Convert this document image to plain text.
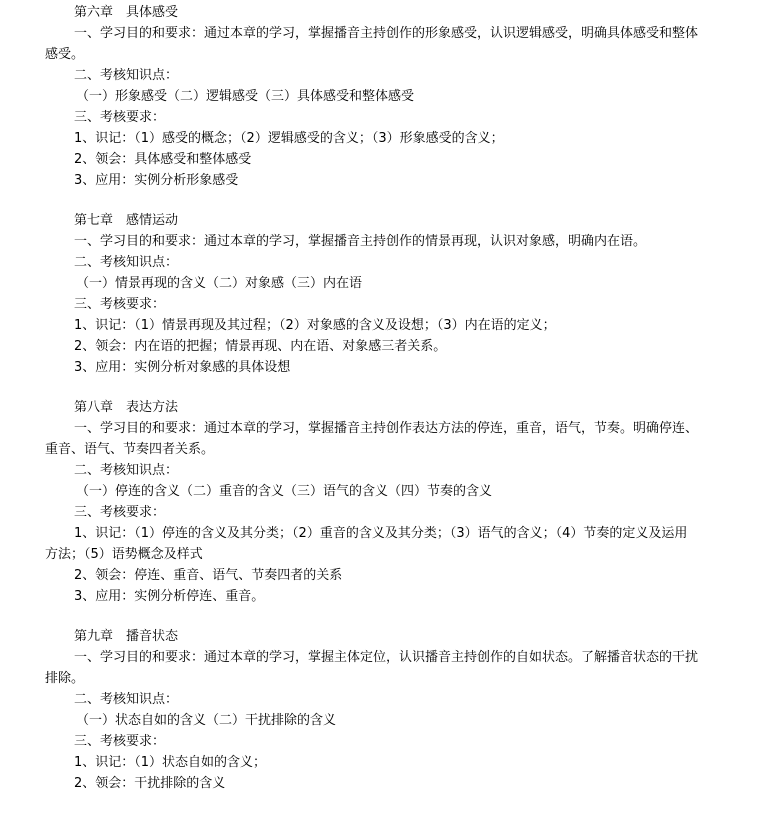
第六章　具体感受
一、学习目的和要求：通过本章的学习，掌握播音主持创作的形象感受，认识逻辑感受，明确具体感受和整体
感受。
二、考核知识点：
（一）形象感受（二）逻辑感受（三）具体感受和整体感受
三、考核要求：
1、识记：（1）感受的概念；（2）逻辑感受的含义；（3）形象感受的含义；
2、领会：具体感受和整体感受
3、应用：实例分析形象感受
第七章　感情运动
一、学习目的和要求：通过本章的学习，掌握播音主持创作的情景再现，认识对象感，明确内在语。
二、考核知识点：
（一）情景再现的含义（二）对象感（三）内在语
三、考核要求：
1、识记：（1）情景再现及其过程；（2）对象感的含义及设想；（3）内在语的定义；
2、领会：内在语的把握；情景再现、内在语、对象感三者关系。
3、应用：实例分析对象感的具体设想
第八章　表达方法
一、学习目的和要求：通过本章的学习，掌握播音主持创作表达方法的停连，重音，语气，节奏。明确停连、
重音、语气、节奏四者关系。
二、考核知识点：
（一）停连的含义（二）重音的含义（三）语气的含义（四）节奏的含义
三、考核要求：
1、识记：（1）停连的含义及其分类；（2）重音的含义及其分类；（3）语气的含义；（4）节奏的定义及运用
方法；（5）语势概念及样式
2、领会：停连、重音、语气、节奏四者的关系
3、应用：实例分析停连、重音。
第九章　播音状态
一、学习目的和要求：通过本章的学习，掌握主体定位，认识播音主持创作的自如状态。了解播音状态的干扰
排除。
二、考核知识点：
（一）状态自如的含义（二）干扰排除的含义
三、考核要求：
1、识记：（1）状态自如的含义；
2、领会：干扰排除的含义
